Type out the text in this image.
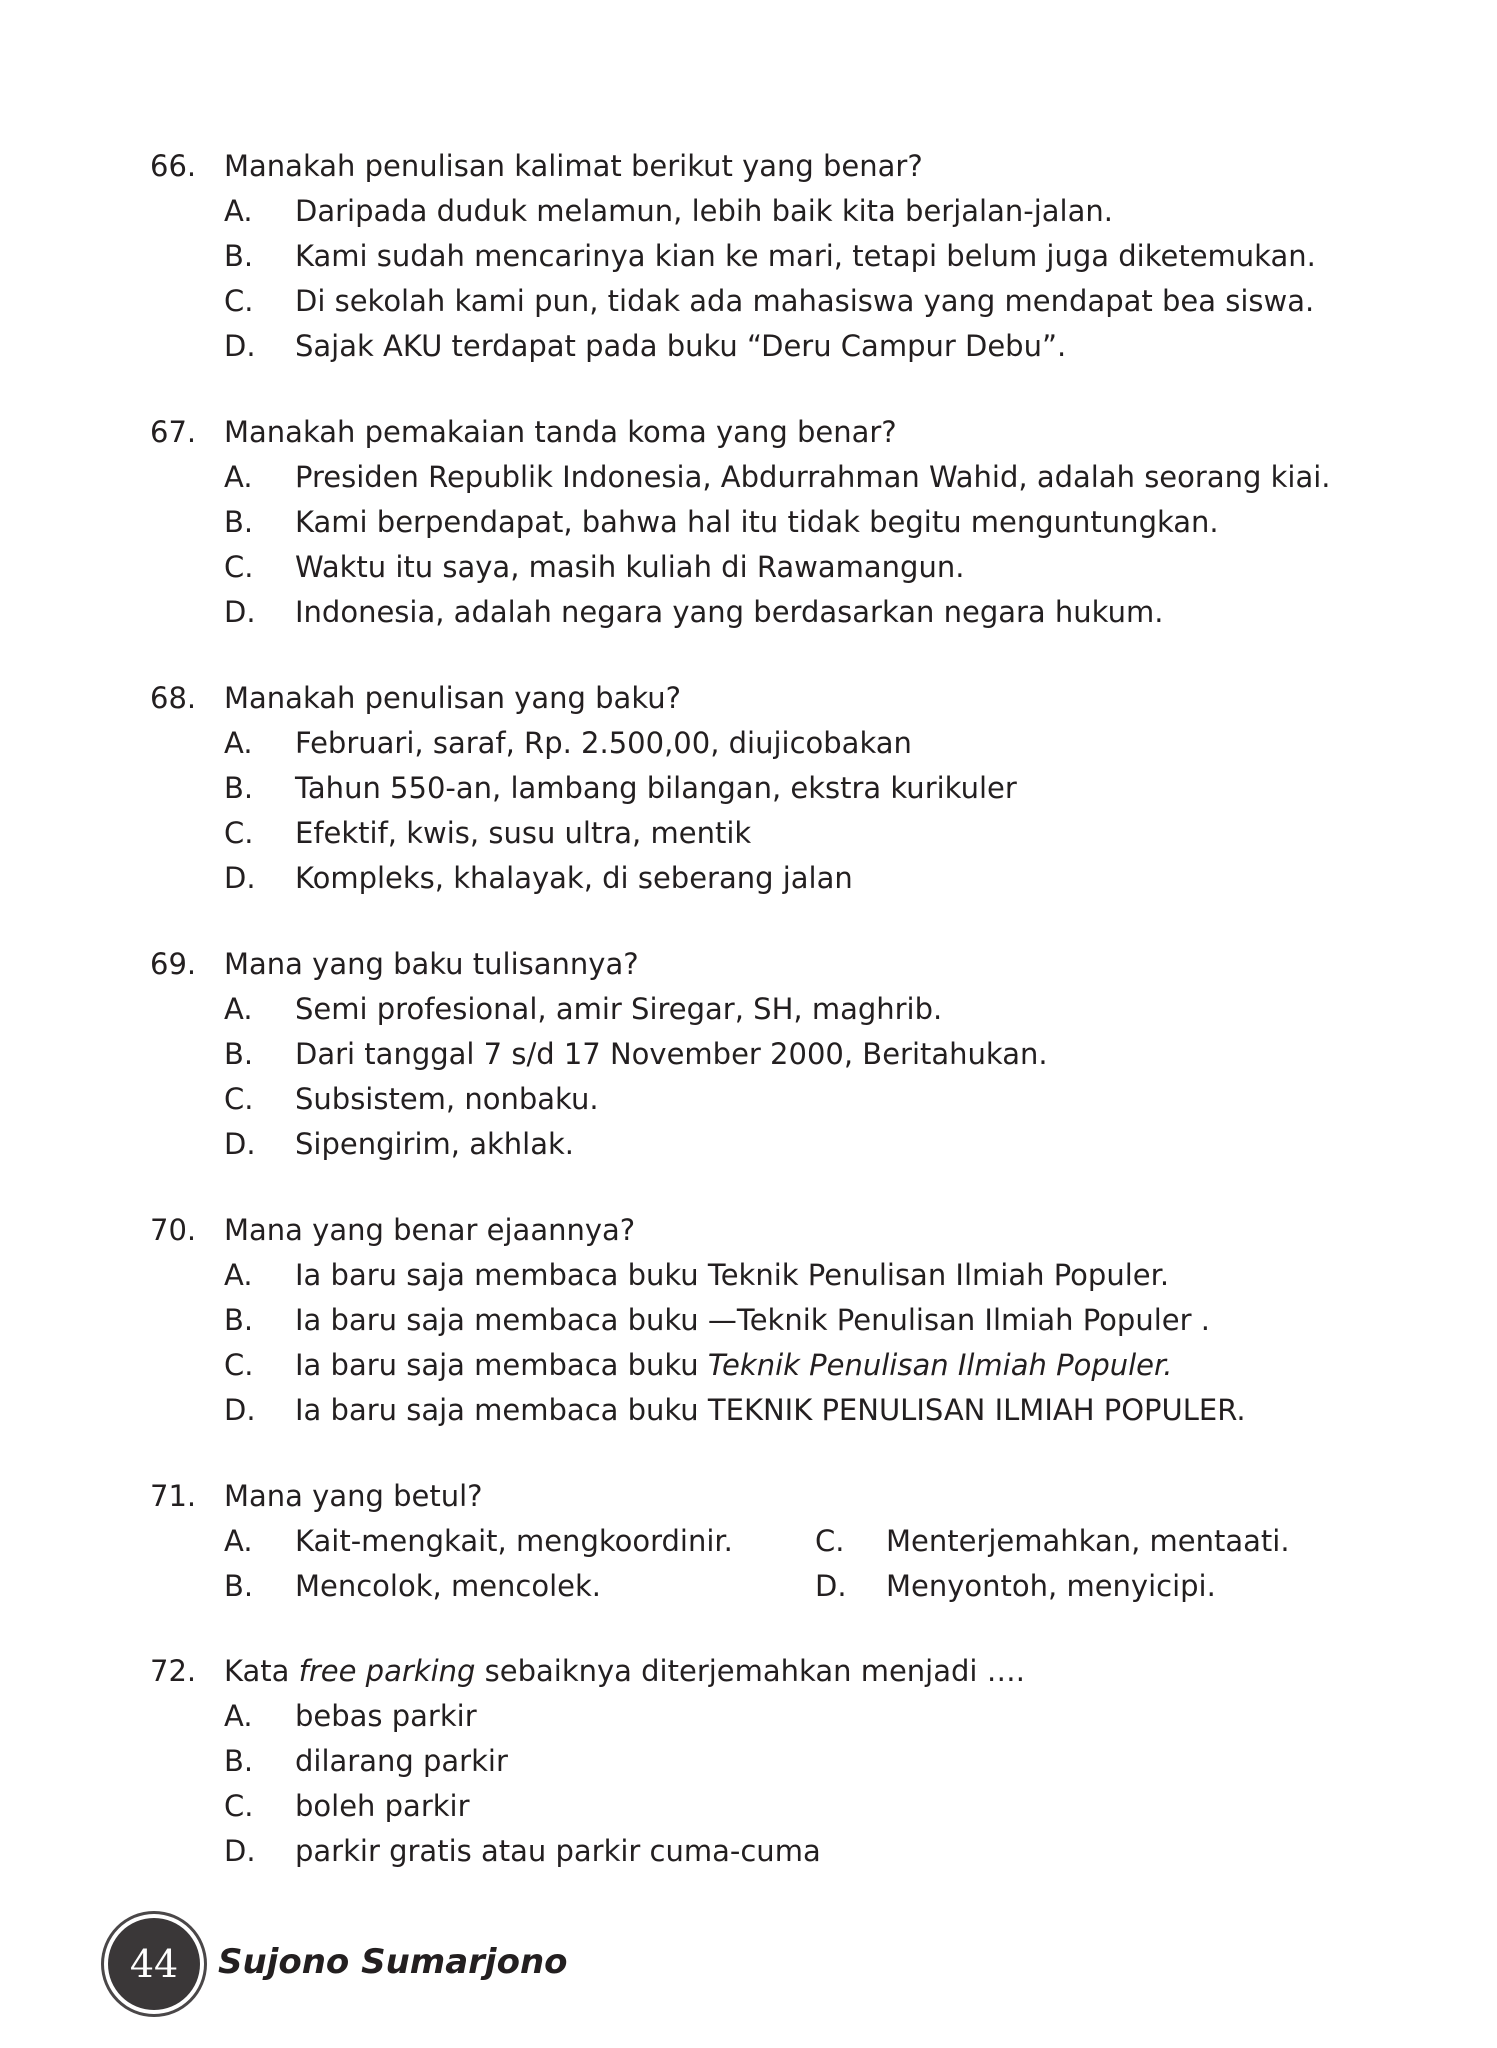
66. Manakah penulisan kalimat berikut yang benar?
A.	Daripada duduk melamun, lebih baik kita berjalan-jalan.
B.	Kami sudah mencarinya kian ke mari, tetapi belum juga diketemukan.
C.	Di sekolah kami pun, tidak ada mahasiswa yang mendapat bea siswa.
D.	Sajak AKU terdapat pada buku “Deru Campur Debu”.
67. Manakah pemakaian tanda koma yang benar?
A.	Presiden Republik Indonesia, Abdurrahman Wahid, adalah seorang kiai.
B.	Kami berpendapat, bahwa hal itu tidak begitu menguntungkan.
C.	Waktu itu saya, masih kuliah di Rawamangun.
D.	Indonesia, adalah negara yang berdasarkan negara hukum.
68. Manakah penulisan yang baku?
A.	Februari, saraf, Rp. 2.500,00, diujicobakan
B.	Tahun 550-an, lambang bilangan, ekstra kurikuler
C.	Efektif, kwis, susu ultra, mentik
D.	Kompleks, khalayak, di seberang jalan
69. Mana yang baku tulisannya?
A.	Semi profesional, amir Siregar, SH, maghrib.
B.	Dari tanggal 7 s/d 17 November 2000, Beritahukan.
C.	Subsistem, nonbaku.
D.	Sipengirim, akhlak.
70. Mana yang benar ejaannya?
A.	Ia baru saja membaca buku Teknik Penulisan Ilmiah Populer.
B.	Ia baru saja membaca buku —Teknik Penulisan Ilmiah Populer .
C.	Ia baru saja membaca buku Teknik Penulisan Ilmiah Populer.
D.	Ia baru saja membaca buku TEKNIK PENULISAN ILMIAH POPULER.
71. Mana yang betul?
A. Kait-mengkait, mengkoordinir.	C. Menterjemahkan, mentaati.
B. Mencolok, mencolek.	D. Menyontoh, menyicipi.
72. Kata free parking sebaiknya diterjemahkan menjadi ….
A.	bebas parkir
B.	dilarang parkir
C.	boleh parkir
D.	parkir gratis atau parkir cuma-cuma
44	Sujono Sumarjono
